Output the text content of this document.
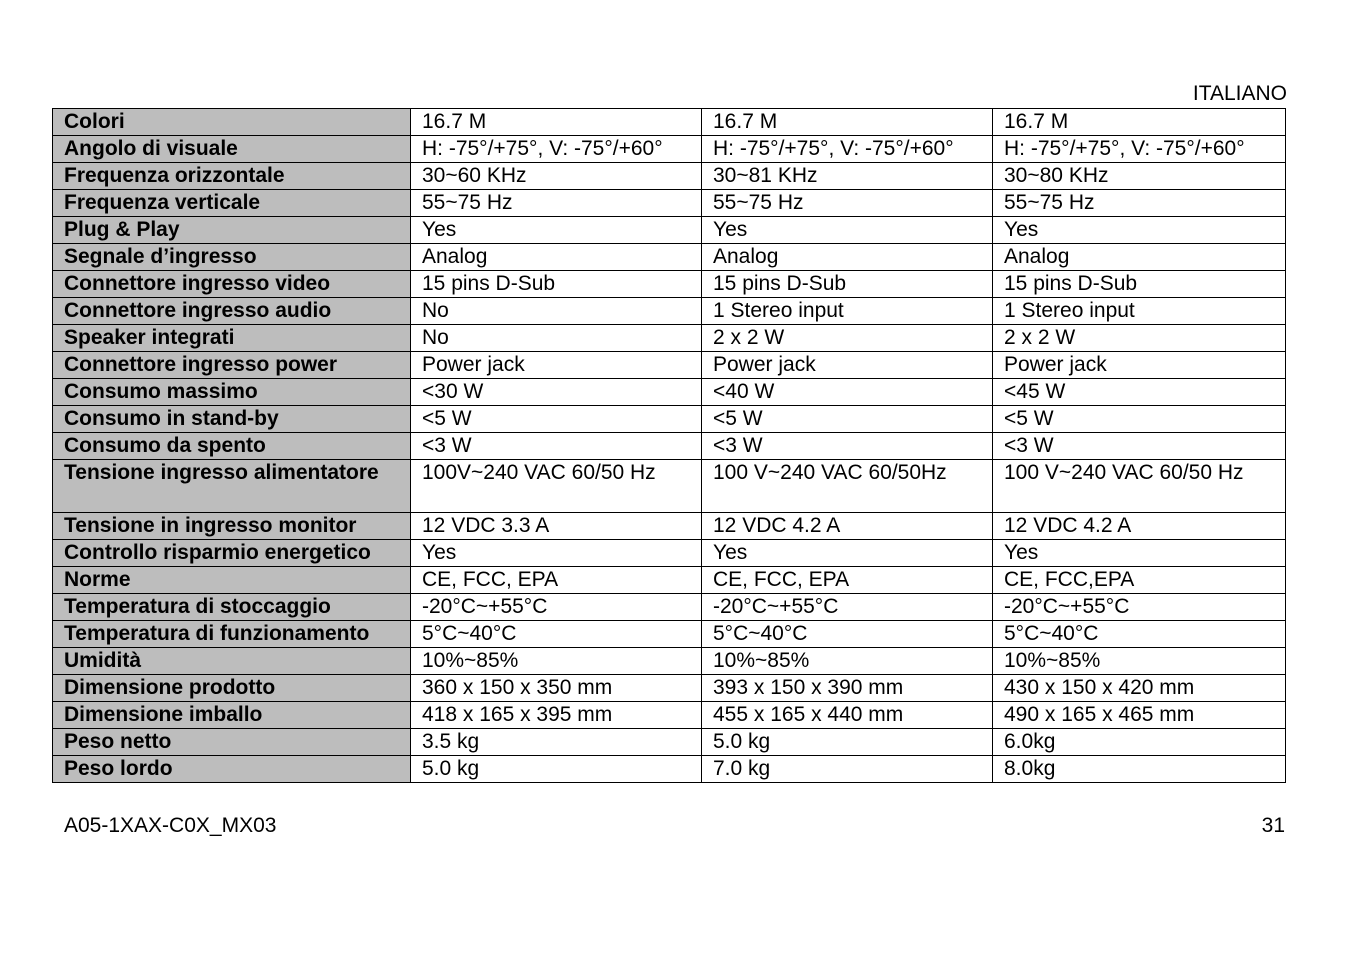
ITALIANO
Colori	16.7 M	16.7 M	16.7 M
Angolo di visuale	H: -75°/+75°, V: -75°/+60°	H: -75°/+75°, V: -75°/+60°	H: -75°/+75°, V: -75°/+60°
Frequenza orizzontale	30~60 KHz	30~81 KHz	30~80 KHz
Frequenza verticale	55~75 Hz	55~75 Hz	55~75 Hz
Plug & Play	Yes	Yes	Yes
Segnale d’ingresso	Analog	Analog	Analog
Connettore ingresso video	15 pins D-Sub	15 pins D-Sub	15 pins D-Sub
Connettore ingresso audio	No	1 Stereo input	1 Stereo input
Speaker integrati	No	2 x 2 W	2 x 2 W
Connettore ingresso power	Power jack	Power jack	Power jack
Consumo massimo	<30 W	<40 W	<45 W
Consumo in stand-by	<5 W	<5 W	<5 W
Consumo da spento	<3 W	<3 W	<3 W
Tensione ingresso alimentatore	100V~240 VAC 60/50 Hz	100 V~240 VAC 60/50Hz	100 V~240 VAC 60/50 Hz
Tensione in ingresso monitor	12 VDC 3.3 A	12 VDC 4.2 A	12 VDC 4.2 A
Controllo risparmio energetico	Yes	Yes	Yes
Norme	CE, FCC, EPA	CE, FCC, EPA	CE, FCC,EPA
Temperatura di stoccaggio	-20°C~+55°C	-20°C~+55°C	-20°C~+55°C
Temperatura di funzionamento	5°C~40°C	5°C~40°C	5°C~40°C
Umidità	10%~85%	10%~85%	10%~85%
Dimensione prodotto	360 x 150 x 350 mm	393 x 150 x 390 mm	430 x 150 x 420 mm
Dimensione imballo	418 x 165 x 395 mm	455 x 165 x 440 mm	490 x 165 x 465 mm
Peso netto	3.5 kg	5.0 kg	6.0kg
Peso lordo	5.0 kg	7.0 kg	8.0kg
A05-1XAX-C0X_MX03	31
